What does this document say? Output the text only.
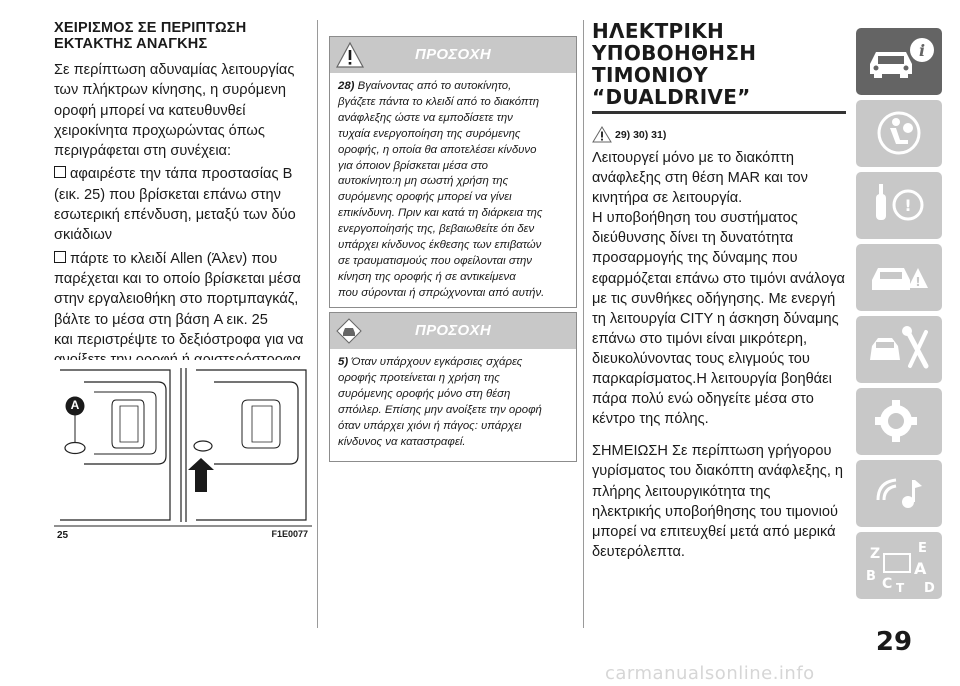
ΧΕΙΡΙΣΜΟΣ ΣΕ ΠΕΡΙΠΤΩΣΗ
ΕΚΤΑΚΤΗΣ ΑΝΑΓΚΗΣ

Σε περίπτωση αδυναμίας λειτουργίας

των πλήκτρων κίνησης, η συρόμενη

οροφή μπορεί να κατευθυνθεί

χειροκίνητα προχωρώντας όπως

περιγράφεται στη συνέχεια:

αφαιρέστε την τάπα προστασίας B

(εικ. 25) που βρίσκεται επάνω στην

εσωτερική επένδυση, μεταξύ των δύο

σκιάδιων

πάρτε το κλειδί Allen (Άλεν) που

παρέχεται και το οποίο βρίσκεται μέσα

στην εργαλειοθήκη στο πορτμπαγκάζ,

βάλτε το μέσα στη βάση A εικ. 25

και περιστρέψτε το δεξιόστροφα για να

A
25	F1E0077
ΠΡΟΣΟΧΗ
28) Βγαίνοντας από το αυτοκίνητο,
βγάζετε πάντα το κλειδί από το διακόπτη
ανάφλεξης ώστε να εμποδίσετε την
τυχαία ενεργοποίηση της συρόμενης
οροφής, η οποία θα αποτελέσει κίνδυνο
για όποιον βρίσκεται μέσα στο
αυτοκίνητο:η μη σωστή χρήση της
συρόμενης οροφής μπορεί να γίνει
επικίνδυνη. Πριν και κατά τη διάρκεια της
ενεργοποίησής της, βεβαιωθείτε ότι δεν
υπάρχει κίνδυνος έκθεσης των επιβατών
σε τραυματισμούς που οφείλονται στην
κίνηση της οροφής ή σε αντικείμενα
που σύρονται ή σπρώχνονται από αυτήν.
ΠΡΟΣΟΧΗ
5) Όταν υπάρχουν εγκάρσιες σχάρες
οροφής προτείνεται η χρήση της
συρόμενης οροφής μόνο στη θέση
σπόιλερ. Επίσης μην ανοίξετε την οροφή
όταν υπάρχει χιόνι ή πάγος: υπάρχει
κίνδυνος να καταστραφεί.
ΗΛΕΚΤΡΙΚΗ
ΥΠΟΒΟΗΘΗΣΗ ΤΙΜΟΝΙΟΥ
“DUALDRIVE”
29) 30) 31)

Λειτουργεί μόνο με το διακόπτη

ανάφλεξης στη θέση MAR και τον

κινητήρα σε λειτουργία.

Η υποβοήθηση του συστήματος

διεύθυνσης δίνει τη δυνατότητα

προσαρμογής της δύναμης που

εφαρμόζεται επάνω στο τιμόνι ανάλογα

με τις συνθήκες οδήγησης. Με ενεργή

τη λειτουργία CITY η άσκηση δύναμης

επάνω στο τιμόνι είναι μικρότερη,

διευκολύνοντας τους ελιγμούς του

παρκαρίσματος.Η λειτουργία βοηθάει

πάρα πολύ ενώ οδηγείτε μέσα στο

κέντρο της πόλης.

ΣΗΜΕΙΩΣΗ Σε περίπτωση γρήγορου

γυρίσματος του διακόπτη ανάφλεξης, η

πλήρης λειτουργικότητα της

ηλεκτρικής υποβοήθησης του τιμονιού

μπορεί να επιτευχθεί μετά από μερικά

δευτερόλεπτα.

i
!
!
Z	E
A
B C T D
29
carmanualsonline.info
